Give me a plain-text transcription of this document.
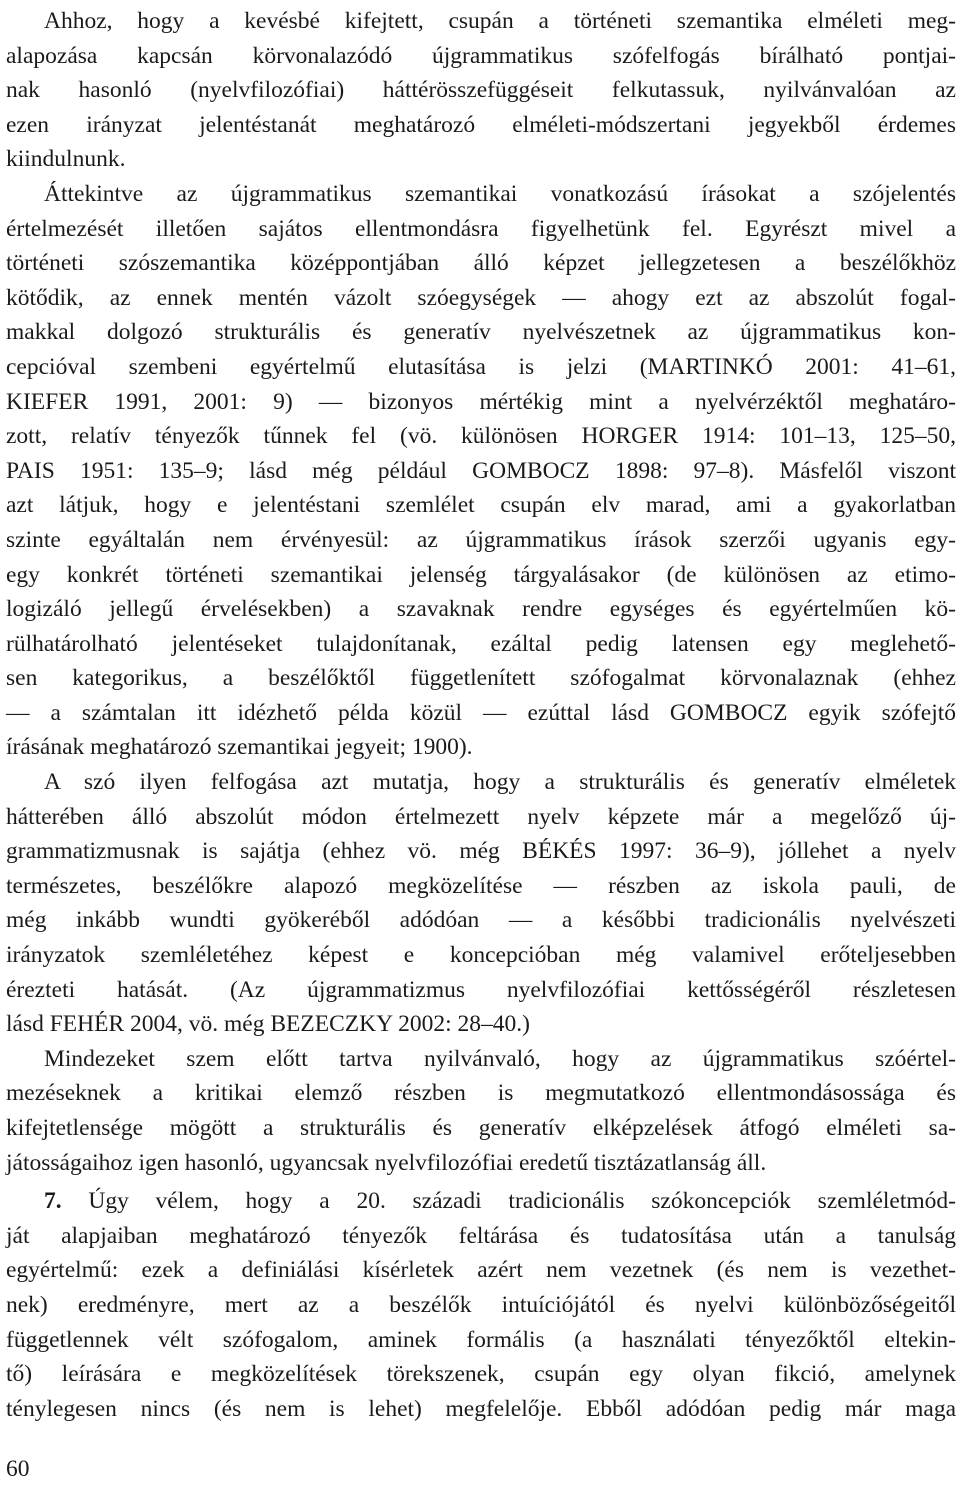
Ahhoz, hogy a kevésbé kifejtett, csupán a történeti szemantika elméleti meg-
alapozása kapcsán körvonalazódó újgrammatikus szófelfogás bírálható pontjai-
nak hasonló (nyelvfilozófiai) háttérösszefüggéseit felkutassuk, nyilvánvalóan az
ezen irányzat jelentéstanát meghatározó elméleti-módszertani jegyekből érdemes
kiindulnunk.
Áttekintve az újgrammatikus szemantikai vonatkozású írásokat a szójelentés
értelmezését illetően sajátos ellentmondásra figyelhetünk fel. Egyrészt mivel a
történeti szószemantika középpontjában álló képzet jellegzetesen a beszélőkhöz
kötődik, az ennek mentén vázolt szóegységek — ahogy ezt az abszolút fogal-
makkal dolgozó strukturális és generatív nyelvészetnek az újgrammatikus kon-
cepcióval szembeni egyértelmű elutasítása is jelzi (MARTINKÓ 2001: 41–61,
KIEFER 1991, 2001: 9) — bizonyos mértékig mint a nyelvérzéktől meghatáro-
zott, relatív tényezők tűnnek fel (vö. különösen HORGER 1914: 101–13, 125–50,
PAIS 1951: 135–9; lásd még például GOMBOCZ 1898: 97–8). Másfelől viszont
azt látjuk, hogy e jelentéstani szemlélet csupán elv marad, ami a gyakorlatban
szinte egyáltalán nem érvényesül: az újgrammatikus írások szerzői ugyanis egy-
egy konkrét történeti szemantikai jelenség tárgyalásakor (de különösen az etimo-
logizáló jellegű érvelésekben) a szavaknak rendre egységes és egyértelműen kö-
rülhatárolható jelentéseket tulajdonítanak, ezáltal pedig latensen egy meglehető-
sen kategorikus, a beszélőktől függetlenített szófogalmat körvonalaznak (ehhez
— a számtalan itt idézhető példa közül — ezúttal lásd GOMBOCZ egyik szófejtő
írásának meghatározó szemantikai jegyeit; 1900).
A szó ilyen felfogása azt mutatja, hogy a strukturális és generatív elméletek
hátterében álló abszolút módon értelmezett nyelv képzete már a megelőző új-
grammatizmusnak is sajátja (ehhez vö. még BÉKÉS 1997: 36–9), jóllehet a nyelv
természetes, beszélőkre alapozó megközelítése — részben az iskola pauli, de
még inkább wundti gyökeréből adódóan — a későbbi tradicionális nyelvészeti
irányzatok szemléletéhez képest e koncepcióban még valamivel erőteljesebben
érezteti hatását. (Az újgrammatizmus nyelvfilozófiai kettősségéről részletesen
lásd FEHÉR 2004, vö. még BEZECZKY 2002: 28–40.)
Mindezeket szem előtt tartva nyilvánvaló, hogy az újgrammatikus szóértel-
mezéseknek a kritikai elemző részben is megmutatkozó ellentmondásossága és
kifejtetlensége mögött a strukturális és generatív elképzelések átfogó elméleti sa-
játosságaihoz igen hasonló, ugyancsak nyelvfilozófiai eredetű tisztázatlanság áll.
7. Úgy vélem, hogy a 20. századi tradicionális szókoncepciók szemléletmód-
ját alapjaiban meghatározó tényezők feltárása és tudatosítása után a tanulság
egyértelmű: ezek a definiálási kísérletek azért nem vezetnek (és nem is vezethet-
nek) eredményre, mert az a beszélők intuíciójától és nyelvi különbözőségeitől
függetlennek vélt szófogalom, aminek formális (a használati tényezőktől eltekin-
tő) leírására e megközelítések törekszenek, csupán egy olyan fikció, amelynek
ténylegesen nincs (és nem is lehet) megfelelője. Ebből adódóan pedig már maga
60
